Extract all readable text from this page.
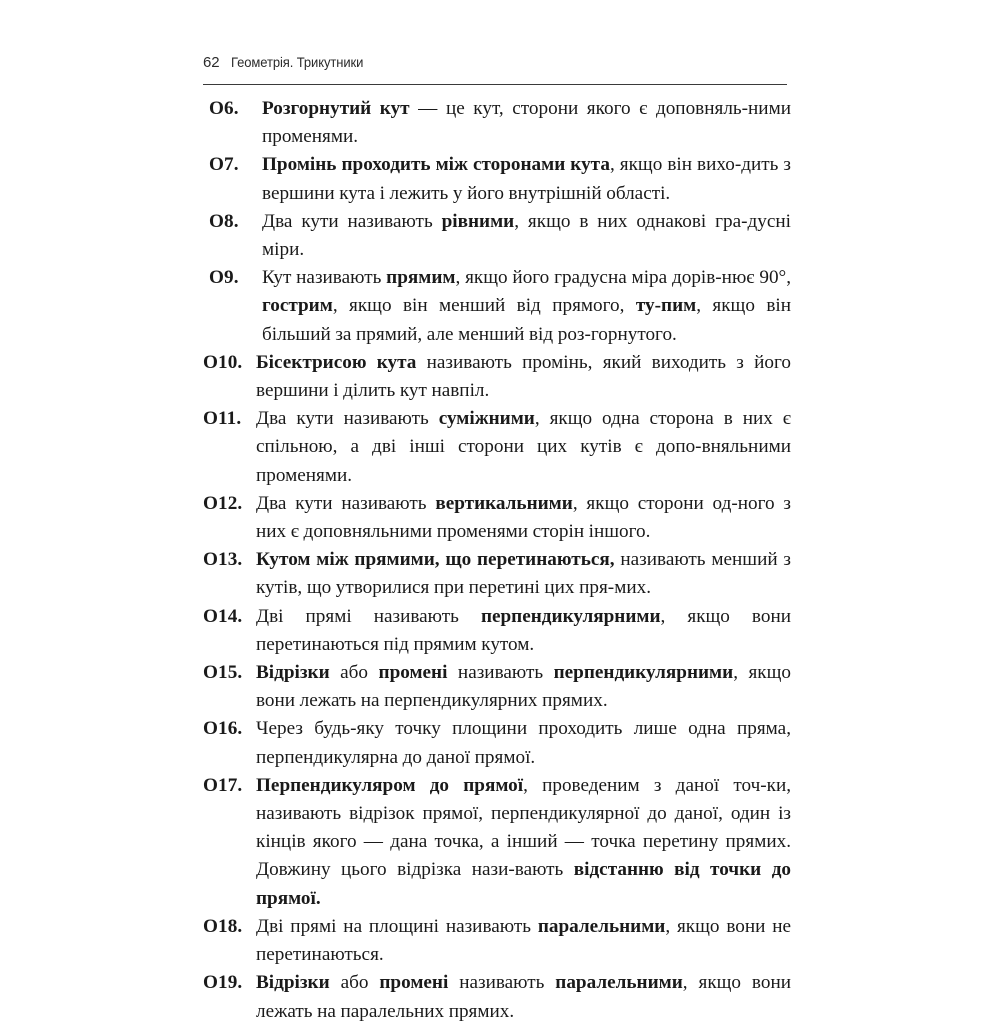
62 Геометрія. Трикутники
О6.	Розгорнутий кут — це кут, сторони якого є доповняль‑ними променями.
О7.	Промінь проходить між сторонами кута, якщо він вихо‑дить з вершини кута і лежить у його внутрішній області.
О8.	Два кути називають рівними, якщо в них однакові гра‑дусні міри.
О9.	Кут називають прямим, якщо його градусна міра дорів‑нює 90°, гострим, якщо він менший від прямого, ту‑пим, якщо він більший за прямий, але менший від роз‑горнутого.
О10. Бісектрисою кута називають промінь, який виходить з його вершини і ділить кут навпіл.
О11. Два кути називають суміжними, якщо одна сторона в них є спільною, а дві інші сторони цих кутів є допо‑вняльними променями.
О12. Два кути називають вертикальними, якщо сторони од‑ного з них є доповняльними променями сторін іншого.
О13. Кутом між прямими, що перетинаються, називають менший з кутів, що утворилися при перетині цих пря‑мих.
О14. Дві прямі називають перпендикулярними, якщо вони перетинаються під прямим кутом.
О15. Відрізки або промені називають перпендикулярними, якщо вони лежать на перпендикулярних прямих.
О16. Через будь-яку точку площини проходить лише одна пряма, перпендикулярна до даної прямої.
О17. Перпендикуляром до прямої, проведеним з даної точ‑ки, називають відрізок прямої, перпендикулярної до даної, один із кінців якого — дана точка, а інший — точка перетину прямих. Довжину цього відрізка нази‑вають відстанню від точки до прямої.
О18. Дві прямі на площині називають паралельними, якщо вони не перетинаються.
О19. Відрізки або промені називають паралельними, якщо вони лежать на паралельних прямих.
